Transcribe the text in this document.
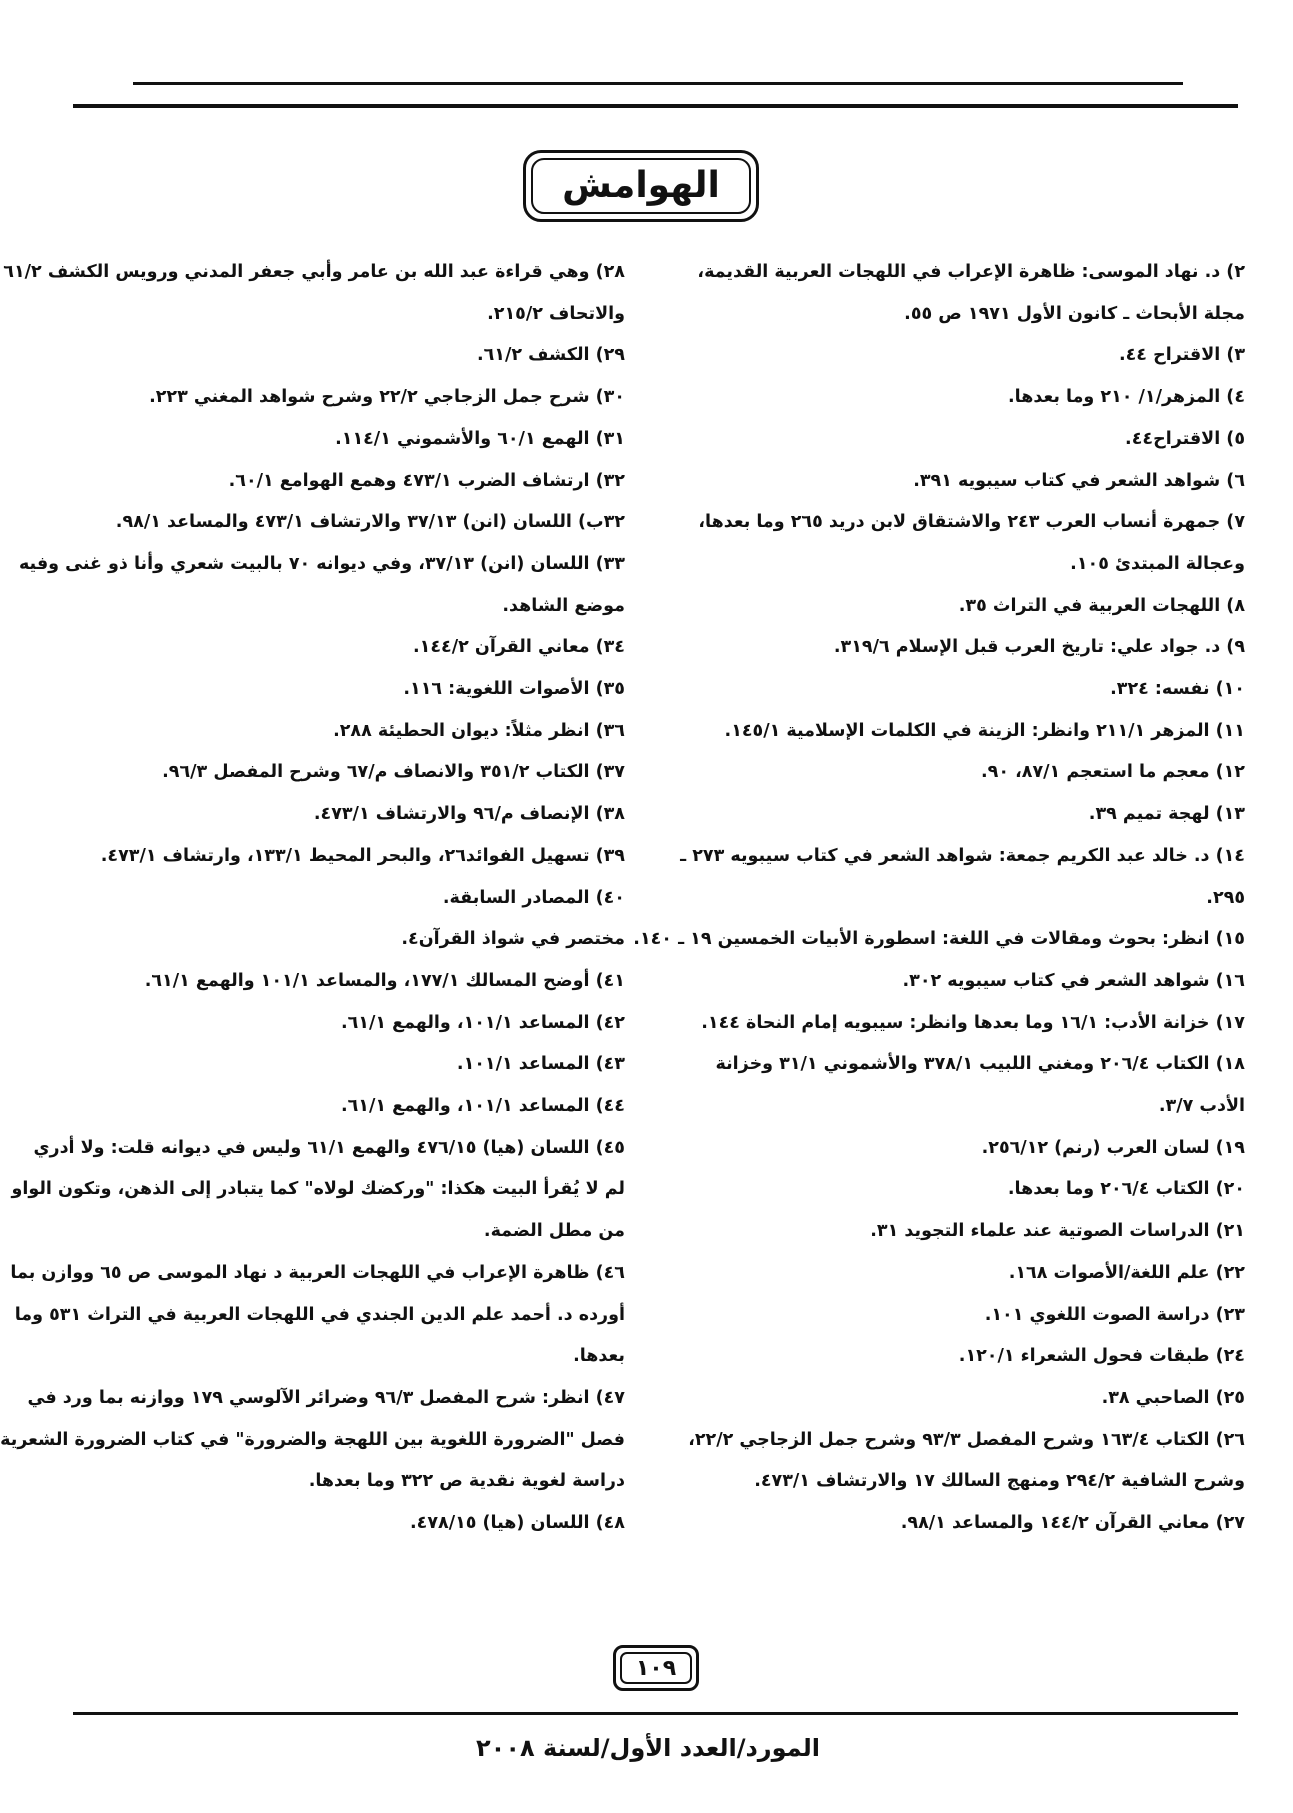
الهوامش

٢) د. نهاد الموسى: ظاهرة الإعراب في اللهجات العربية القديمة،

مجلة الأبحاث ـ كانون الأول ١٩٧١ ص ٥٥.

٣) الاقتراح ٤٤.

٤) المزهر/١/ ٢١٠ وما بعدها.

٥) الاقتراح٤٤.

٦) شواهد الشعر في كتاب سيبويه ٣٩١.

٧) جمهرة أنساب العرب ٢٤٣ والاشتقاق لابن دريد ٢٦٥ وما بعدها،

وعجالة المبتدئ ١٠٥.

٨) اللهجات العربية في التراث ٣٥.

٩) د. جواد علي: تاريخ العرب قبل الإسلام ٣١٩/٦.

١٠) نفسه: ٣٢٤.

١١) المزهر ٢١١/١ وانظر: الزينة في الكلمات الإسلامية ١٤٥/١.

١٢) معجم ما استعجم ٨٧/١، ٩٠.

١٣) لهجة تميم ٣٩.

١٤) د. خالد عبد الكريم جمعة: شواهد الشعر في كتاب سيبويه ٢٧٣ ـ

٢٩٥.

١٥) انظر: بحوث ومقالات في اللغة: اسطورة الأبيات الخمسين ١٩ ـ ١٤٠.

١٦) شواهد الشعر في كتاب سيبويه ٣٠٢.

١٧) خزانة الأدب: ١٦/١ وما بعدها وانظر: سيبويه إمام النحاة ١٤٤.

١٨) الكتاب ٢٠٦/٤ ومغني اللبيب ٣٧٨/١ والأشموني ٣١/١ وخزانة

الأدب ٣/٧.

١٩) لسان العرب (رنم) ٢٥٦/١٢.

٢٠) الكتاب ٢٠٦/٤ وما بعدها.

٢١) الدراسات الصوتية عند علماء التجويد ٣١.

٢٢) علم اللغة/الأصوات ١٦٨.

٢٣) دراسة الصوت اللغوي ١٠١.

٢٤) طبقات فحول الشعراء ١٢٠/١.

٢٥) الصاحبي ٣٨.

٢٦) الكتاب ١٦٣/٤ وشرح المفصل ٩٣/٣ وشرح جمل الزجاجي ٢٢/٢،

وشرح الشافية ٢٩٤/٢ ومنهج السالك ١٧ والارتشاف ٤٧٣/١.

٢٧) معاني القرآن ١٤٤/٢ والمساعد ٩٨/١.

٢٨) وهي قراءة عبد الله بن عامر وأبي جعفر المدني ورويس الكشف ٦١/٢

والاتحاف ٢١٥/٢.

٢٩) الكشف ٦١/٢.

٣٠) شرح جمل الزجاجي ٢٢/٢ وشرح شواهد المغني ٢٢٣.

٣١) الهمع ٦٠/١ والأشموني ١١٤/١.

٣٢) ارتشاف الضرب ٤٧٣/١ وهمع الهوامع ٦٠/١.

٣٢ب) اللسان (انن) ٣٧/١٣ والارتشاف ٤٧٣/١ والمساعد ٩٨/١.

٣٣) اللسان (انن) ٣٧/١٣، وفي ديوانه ٧٠ بالبيت شعري وأنا ذو غنى وفيه

موضع الشاهد.

٣٤) معاني القرآن ١٤٤/٢.

٣٥) الأصوات اللغوية: ١١٦.

٣٦) انظر مثلاً: ديوان الحطيئة ٢٨٨.

٣٧) الكتاب ٣٥١/٢ والانصاف م/٦٧ وشرح المفصل ٩٦/٣.

٣٨) الإنصاف م/٩٦ والارتشاف ٤٧٣/١.

٣٩) تسهيل الفوائد٢٦، والبحر المحيط ١٣٣/١، وارتشاف ٤٧٣/١.

٤٠) المصادر السابقة.

مختصر في شواذ القرآن٤.

٤١) أوضح المسالك ١٧٧/١، والمساعد ١٠١/١ والهمع ٦١/١.

٤٢) المساعد ١٠١/١، والهمع ٦١/١.

٤٣) المساعد ١٠١/١.

٤٤) المساعد ١٠١/١، والهمع ٦١/١.

٤٥) اللسان (هيا) ٤٧٦/١٥ والهمع ٦١/١ وليس في ديوانه قلت: ولا أدري

لم لا يُقرأ البيت هكذا: "وركضك لولاه" كما يتبادر إلى الذهن، وتكون الواو

من مطل الضمة.

٤٦) ظاهرة الإعراب في اللهجات العربية د نهاد الموسى ص ٦٥ ووازن بما

أورده د. أحمد علم الدين الجندي في اللهجات العربية في التراث ٥٣١ وما

بعدها.

٤٧) انظر: شرح المفصل ٩٦/٣ وضرائر الآلوسي ١٧٩ ووازنه بما ورد في

فصل "الضرورة اللغوية بين اللهجة والضرورة" في كتاب الضرورة الشعرية

دراسة لغوية نقدية ص ٣٢٢ وما بعدها.

٤٨) اللسان (هيا) ٤٧٨/١٥.

١٠٩
المورد/العدد الأول/لسنة ٢٠٠٨
